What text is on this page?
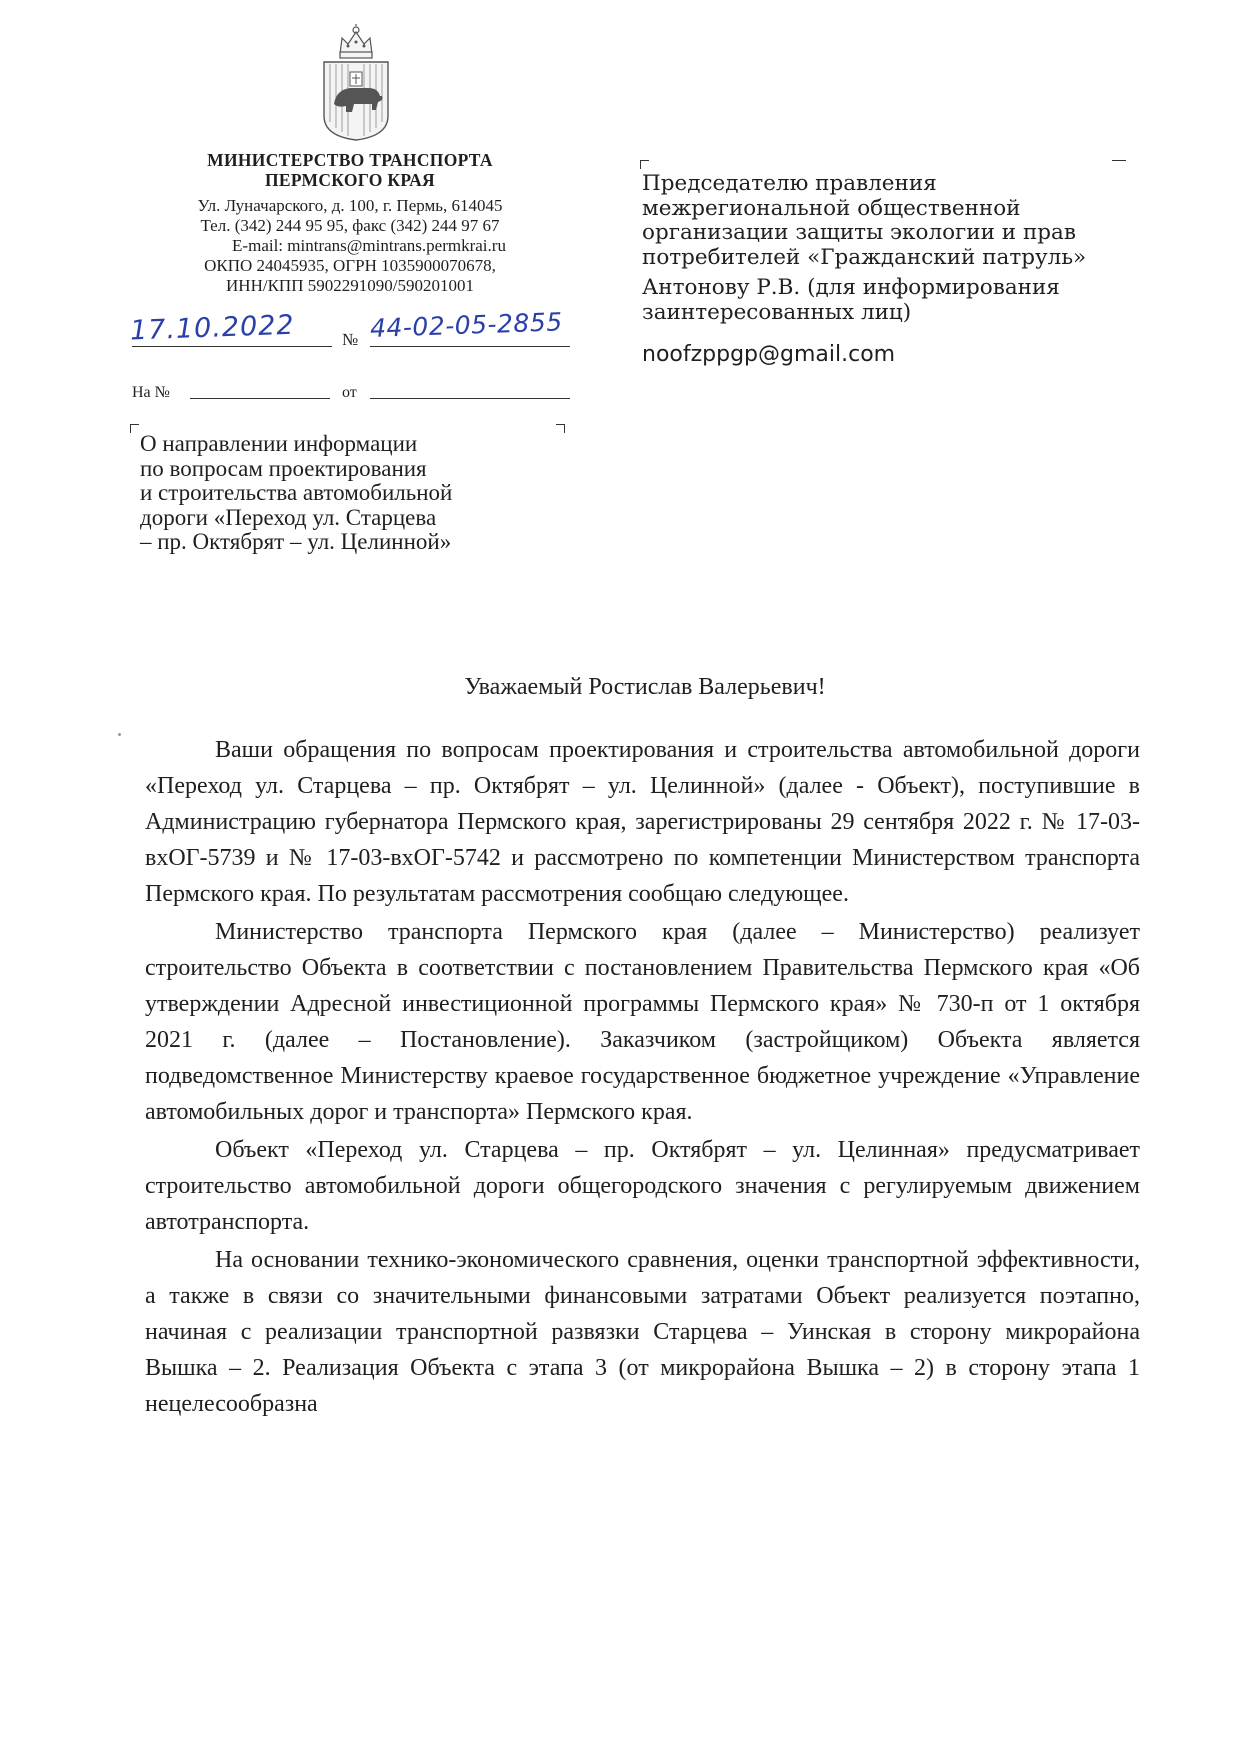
МИНИСТЕРСТВО ТРАНСПОРТА
ПЕРМСКОГО КРАЯ
Ул. Луначарского, д. 100, г. Пермь, 614045
Тел. (342) 244 95 95, факс (342) 244 97 67
E-mail: mintrans@mintrans.permkrai.ru
ОКПО 24045935, ОГРН 1035900070678,
ИНН/КПП 5902291090/590201001
17.10.2022	№ 44-02-05-2855
На №	от
О направлении информации
по вопросам проектирования
и строительства автомобильной
дороги «Переход ул. Старцева
– пр. Октябрят – ул. Целинной»
Председателю правления
межрегиональной общественной
организации защиты экологии и прав
потребителей «Гражданский патруль»
Антонову Р.В. (для информирования
заинтересованных лиц)
noofzppgp@gmail.com
Уважаемый Ростислав Валерьевич!

Ваши обращения по вопросам проектирования и строительства автомобильной дороги «Переход ул. Старцева – пр. Октябрят – ул. Целинной» (далее - Объект), поступившие в Администрацию губернатора Пермского края, зарегистрированы 29 сентября 2022 г. № 17-03-вхОГ-5739 и № 17-03-вхОГ-5742 и рассмотрено по компетенции Министерством транспорта Пермского края. По результатам рассмотрения сообщаю следующее.

Министерство транспорта Пермского края (далее – Министерство) реализует строительство Объекта в соответствии с постановлением Правительства Пермского края «Об утверждении Адресной инвестиционной программы Пермского края» № 730-п от 1 октября 2021 г. (далее – Постановление). Заказчиком (застройщиком) Объекта является подведомственное Министерству краевое государственное бюджетное учреждение «Управление автомобильных дорог и транспорта» Пермского края.

Объект «Переход ул. Старцева – пр. Октябрят – ул. Целинная» предусматривает строительство автомобильной дороги общегородского значения с регулируемым движением автотранспорта.

На основании технико-экономического сравнения, оценки транспортной эффективности, а также в связи со значительными финансовыми затратами Объект реализуется поэтапно, начиная с реализации транспортной развязки Старцева – Уинская в сторону микрорайона Вышка – 2. Реализация Объекта с этапа 3 (от микрорайона Вышка – 2) в сторону этапа 1 нецелесообразна
